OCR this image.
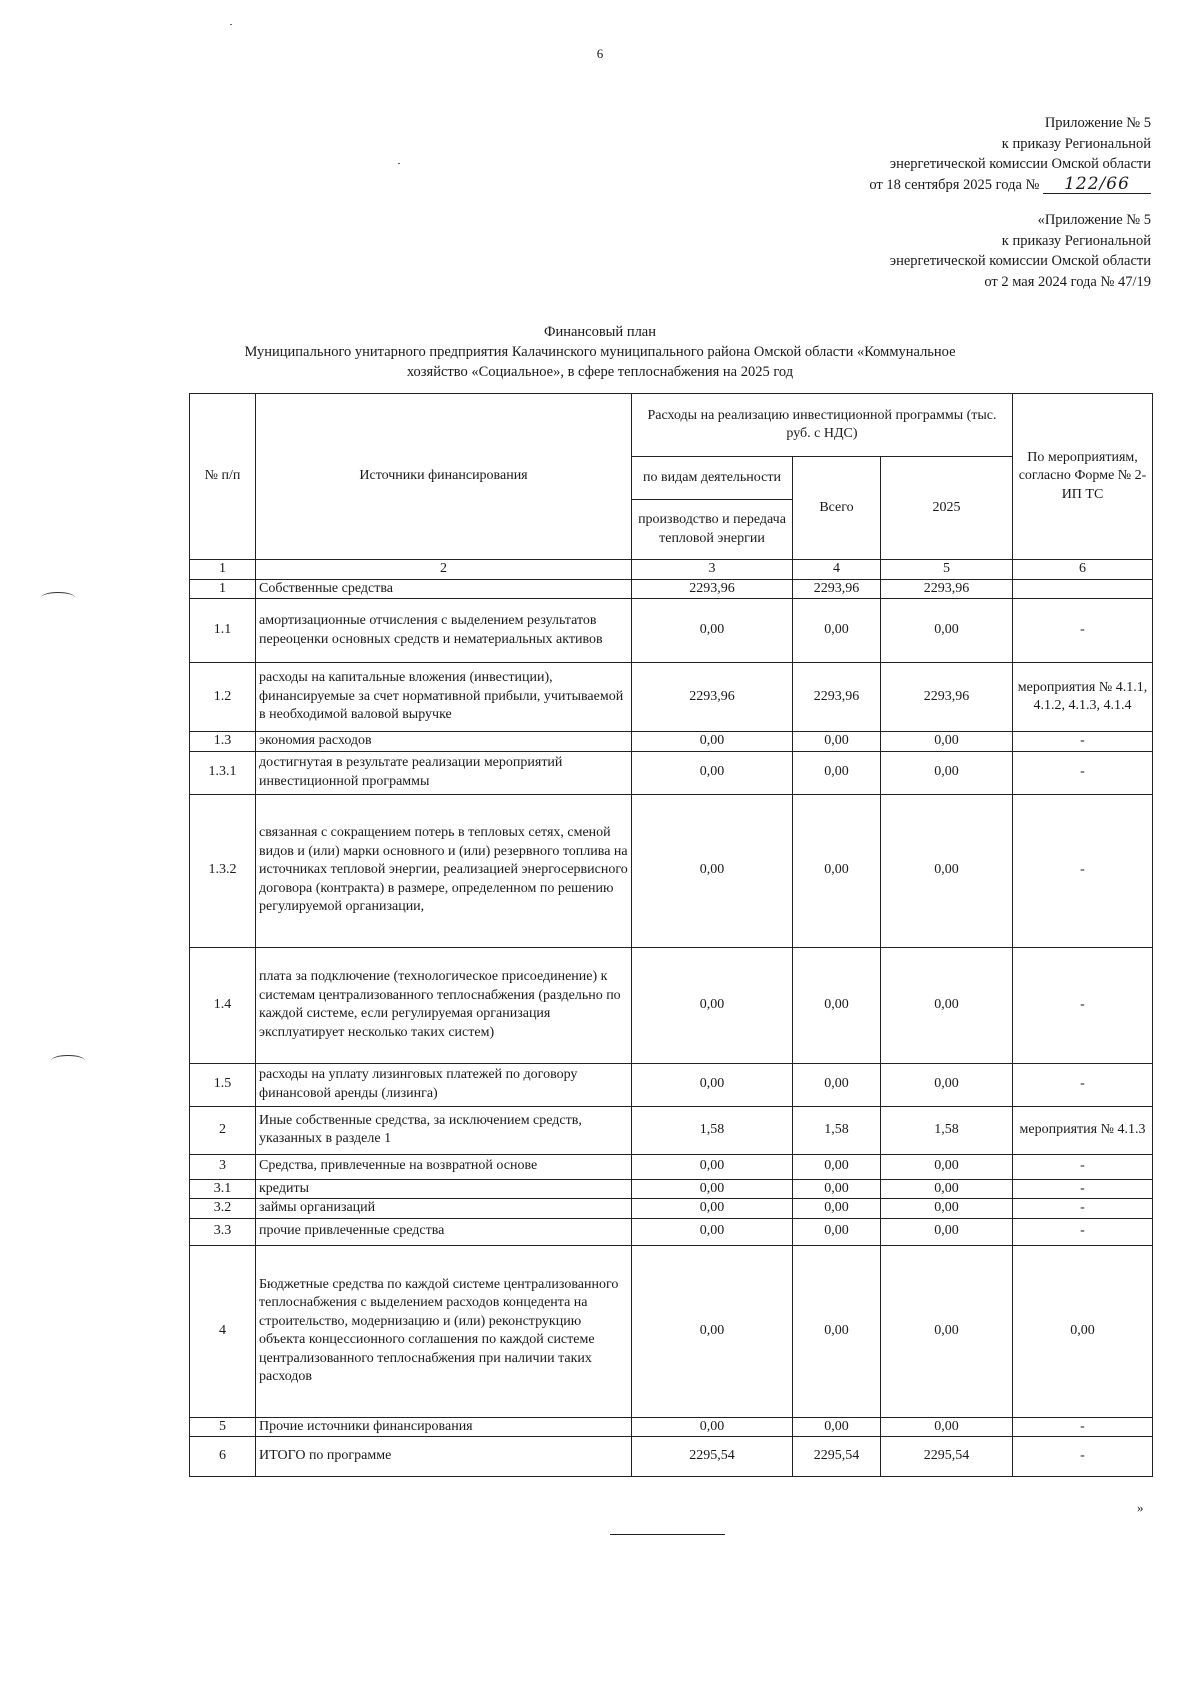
6
Приложение № 5
к приказу Региональной
энергетической комиссии Омской области
от 18 сентября 2025 года № 122/66
«Приложение № 5
к приказу Региональной
энергетической комиссии Омской области
от 2 мая 2024 года № 47/19
Финансовый план
Муниципального унитарного предприятия Калачинского муниципального района Омской области «Коммунальное
хозяйство «Социальное», в сфере теплоснабжения на 2025 год
№ п/п	Источники финансирования	Расходы на реализацию инвестиционной программы (тыс. руб. с НДС)			По мероприятиям, согласно Форме № 2-ИП ТС
		по видам деятельности	Всего	2025	
		производство и передача тепловой энергии			

1	2	3	4	5	6
1	Собственные средства	2293,96	2293,96	2293,96	
1.1	амортизационные отчисления с выделением результатов переоценки основных средств и нематериальных активов	0,00	0,00	0,00	-
1.2	расходы на капитальные вложения (инвестиции), финансируемые за счет нормативной прибыли, учитываемой в необходимой валовой выручке	2293,96	2293,96	2293,96	мероприятия № 4.1.1, 4.1.2, 4.1.3, 4.1.4
1.3	экономия расходов	0,00	0,00	0,00	-
1.3.1	достигнутая в результате реализации мероприятий инвестиционной программы	0,00	0,00	0,00	-
1.3.2	связанная с сокращением потерь в тепловых сетях, сменой видов и (или) марки основного и (или) резервного топлива на источниках тепловой энергии, реализацией энергосервисного договора (контракта) в размере, определенном по решению регулируемой организации,	0,00	0,00	0,00	-
1.4	плата за подключение (технологическое присоединение) к системам централизованного теплоснабжения (раздельно по каждой системе, если регулируемая организация эксплуатирует несколько таких систем)	0,00	0,00	0,00	-
1.5	расходы на уплату лизинговых платежей по договору финансовой аренды (лизинга)	0,00	0,00	0,00	-
2	Иные собственные средства, за исключением средств, указанных в разделе 1	1,58	1,58	1,58	мероприятия № 4.1.3
3	Средства, привлеченные на возвратной основе	0,00	0,00	0,00	-
3.1	кредиты	0,00	0,00	0,00	-
3.2	займы организаций	0,00	0,00	0,00	-
3.3	прочие привлеченные средства	0,00	0,00	0,00	-
4	Бюджетные средства по каждой системе централизованного теплоснабжения с выделением расходов концедента на строительство, модернизацию и (или) реконструкцию объекта концессионного соглашения по каждой системе централизованного теплоснабжения при наличии таких расходов	0,00	0,00	0,00	0,00
5	Прочие источники финансирования	0,00	0,00	0,00	-
6	ИТОГО по программе	2295,54	2295,54	2295,54	-
»
